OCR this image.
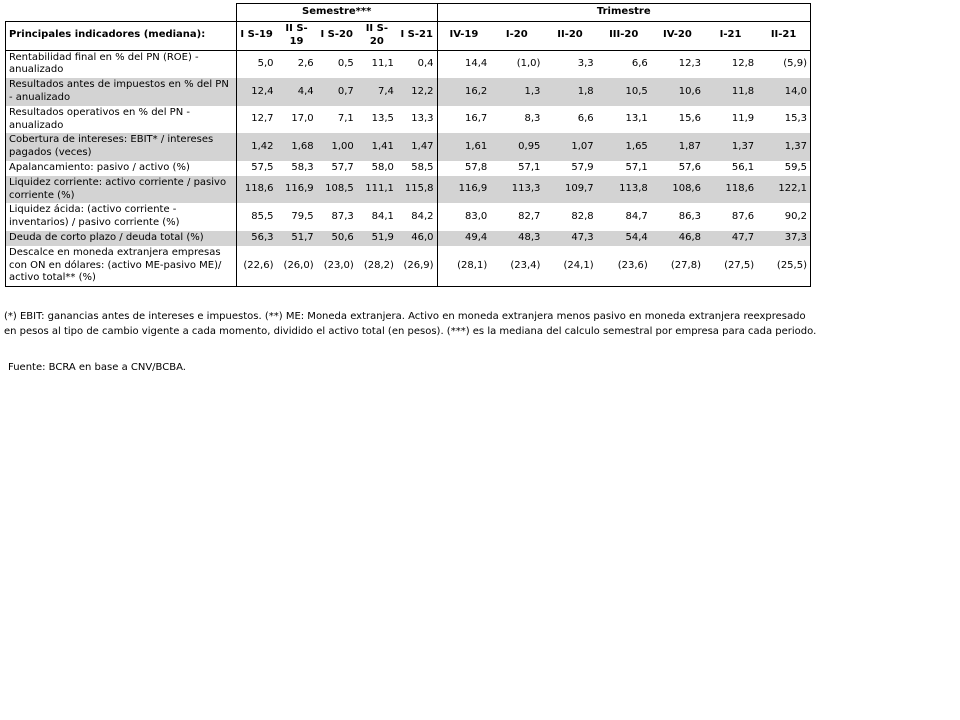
	Semestre***					Trimestre						
Principales indicadores (mediana):	I S-19	II S-19	I S-20	II S-20	I S-21	IV-19	I-20	II-20	III-20	IV-20	I-21	II-21
Rentabilidad final en % del PN (ROE) - anualizado	5,0	2,6	0,5	11,1	0,4	14,4	(1,0)	3,3	6,6	12,3	12,8	(5,9)
Resultados antes de impuestos en % del PN - anualizado	12,4	4,4	0,7	7,4	12,2	16,2	1,3	1,8	10,5	10,6	11,8	14,0
Resultados operativos en % del PN - anualizado	12,7	17,0	7,1	13,5	13,3	16,7	8,3	6,6	13,1	15,6	11,9	15,3
Cobertura de intereses: EBIT* / intereses pagados (veces)	1,42	1,68	1,00	1,41	1,47	1,61	0,95	1,07	1,65	1,87	1,37	1,37
Apalancamiento: pasivo / activo (%)	57,5	58,3	57,7	58,0	58,5	57,8	57,1	57,9	57,1	57,6	56,1	59,5
Liquidez corriente: activo corriente / pasivo corriente (%)	118,6	116,9	108,5	111,1	115,8	116,9	113,3	109,7	113,8	108,6	118,6	122,1
Liquidez ácida: (activo corriente - inventarios) / pasivo corriente (%)	85,5	79,5	87,3	84,1	84,2	83,0	82,7	82,8	84,7	86,3	87,6	90,2
Deuda de corto plazo / deuda total (%)	56,3	51,7	50,6	51,9	46,0	49,4	48,3	47,3	54,4	46,8	47,7	37,3
Descalce en moneda extranjera empresas con ON en dólares: (activo ME-pasivo ME)/ activo total** (%)	(22,6)	(26,0)	(23,0)	(28,2)	(26,9)	(28,1)	(23,4)	(24,1)	(23,6)	(27,8)	(27,5)	(25,5)
(*) EBIT: ganancias antes de intereses e impuestos. (**) ME: Moneda extranjera. Activo en moneda extranjera menos pasivo en moneda extranjera reexpresado
en pesos al tipo de cambio vigente a cada momento, dividido el activo total (en pesos). (***) es la mediana del calculo semestral por empresa para cada periodo.
Fuente: BCRA en base a CNV/BCBA.
